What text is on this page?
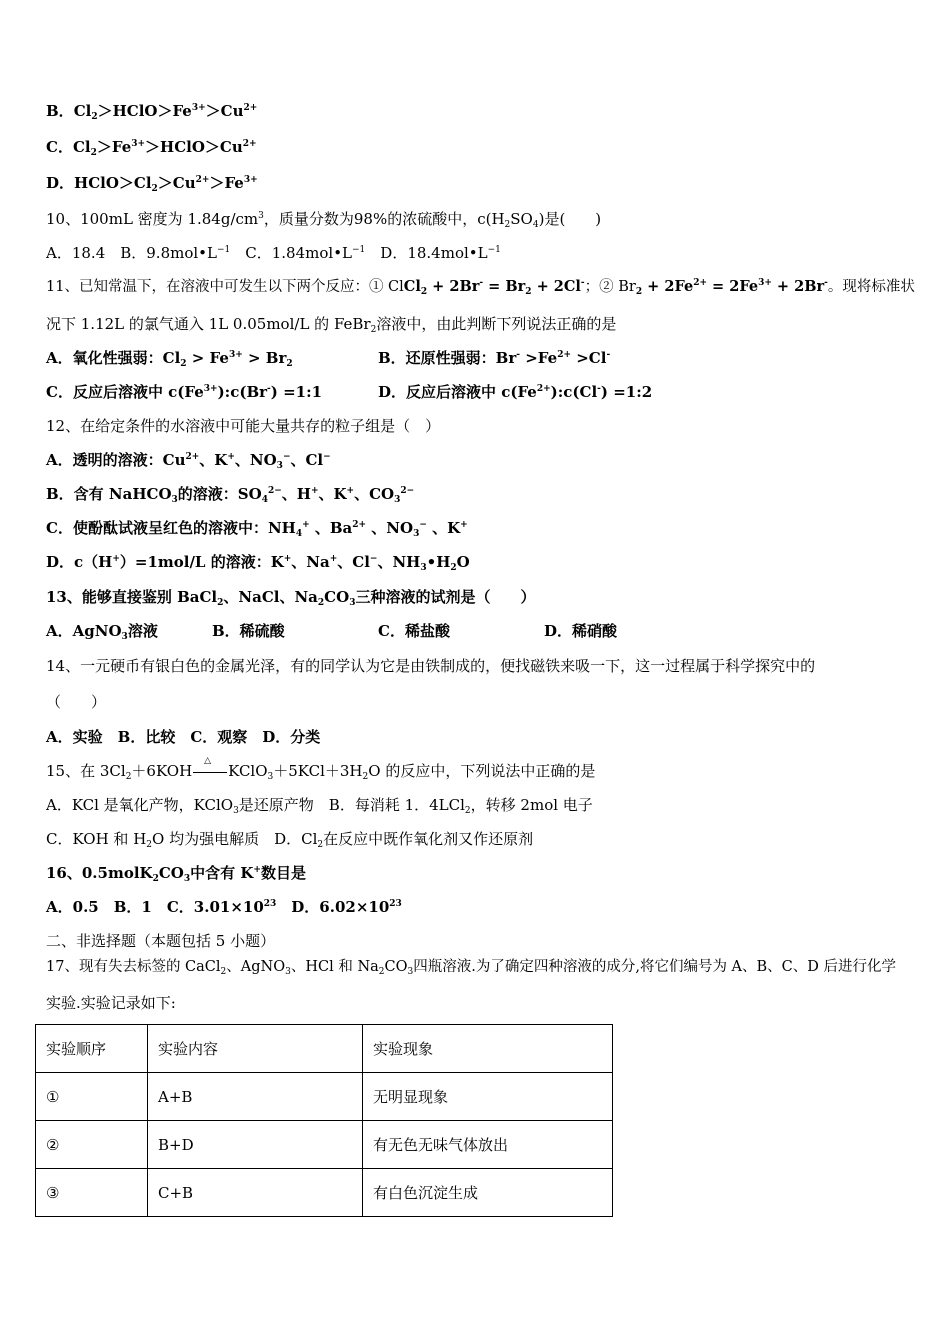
B．$Cl_2>HClO>Fe^{3+}>Cu^{2+}$
C．$Cl_2>Fe^{3+}>HClO>Cu^{2+}$
D．$HClO>Cl_2>Cu^{2+}>Fe^{3+}$
10、100mL 密度为 $1.84g/cm^3$，质量分数为98%的浓硫酸中，$c(H_2SO_4)$是(　　)
A．18.4　B．$9.8mol•L^{-1}$　C．$1.84mol•L^{-1}$　D．$18.4mol•L^{-1}$
11、已知常温下，在溶液中可发生以下两个反应：① ClCl$_2$ + $2Br^- = Br_2 + 2Cl^-$；② $Br_2 + 2Fe^{2+} = 2Fe^{3+} + 2Br^-$。现将标准状
况下 1.12L 的氯气通入 1L 0.05mol/L 的 FeBr$_2$溶液中，由此判断下列说法正确的是
A．氧化性强弱：$Cl_2 > Fe^{3+} > Br_2$	B．还原性强弱：$Br^- >Fe^{2+} >Cl^-$
C．反应后溶液中 $c(Fe^{3+}):c(Br^-)$ =1:1	D．反应后溶液中 $c(Fe^{2+}):c(Cl^-)$ =1:2
12、在给定条件的水溶液中可能大量共存的粒子组是（　）
A．透明的溶液：$Cu^{2+}$、K+、$NO_3^-$、Cl−
B．含有 NaHCO$_3$的溶液：$SO_4^{2-}$、H+、K+、$CO_3^{2-}$
C．使酚酞试液呈红色的溶液中：$NH_4^+$ 、$Ba^{2+}$ 、$NO_3^-$ 、K+
D．c（H+）=1mol/L 的溶液：K+、Na+、Cl−、$NH_3•H_2O$
13、能够直接鉴别 BaCl$_2$、NaCl、$Na_2CO_3$三种溶液的试剂是（　　）
A．AgNO$_3$溶液	B．稀硫酸	C．稀盐酸	D．稀硝酸
14、一元硬币有银白色的金属光泽，有的同学认为它是由铁制成的，便找磁铁来吸一下，这一过程属于科学探究中的
（　　）
A．实验　B．比较　C．观察　D．分类
15、在 $3Cl_2+6KOH$
△
$KClO_3+5KCl+3H_2O$ 的反应中，下列说法中正确的是
A．KCl 是氧化产物，KClO$_3$是还原产物　B．每消耗 1．4LCl$_2$，转移 2mol 电子
C．KOH 和 $H_2O$ 均为强电解质　D．$Cl_2$在反应中既作氧化剂又作还原剂
16、$0.5molK_2CO_3$中含有 K+数目是
A．0.5　B．1　C．$3.01\times 10^{23}$　D．$6.02\times 10^{23}$
二、非选择题（本题包括 5 小题）
17、现有失去标签的 CaCl$_2$、AgNO$_3$、HCl 和 $Na_2CO_3$四瓶溶液.为了确定四种溶液的成分,将它们编号为 A、B、C、D 后进行化学
实验.实验记录如下:
实验顺序	实验内容	实验现象
①	A+B	无明显现象
②	B+D	有无色无味气体放出
③	C+B	有白色沉淀生成
